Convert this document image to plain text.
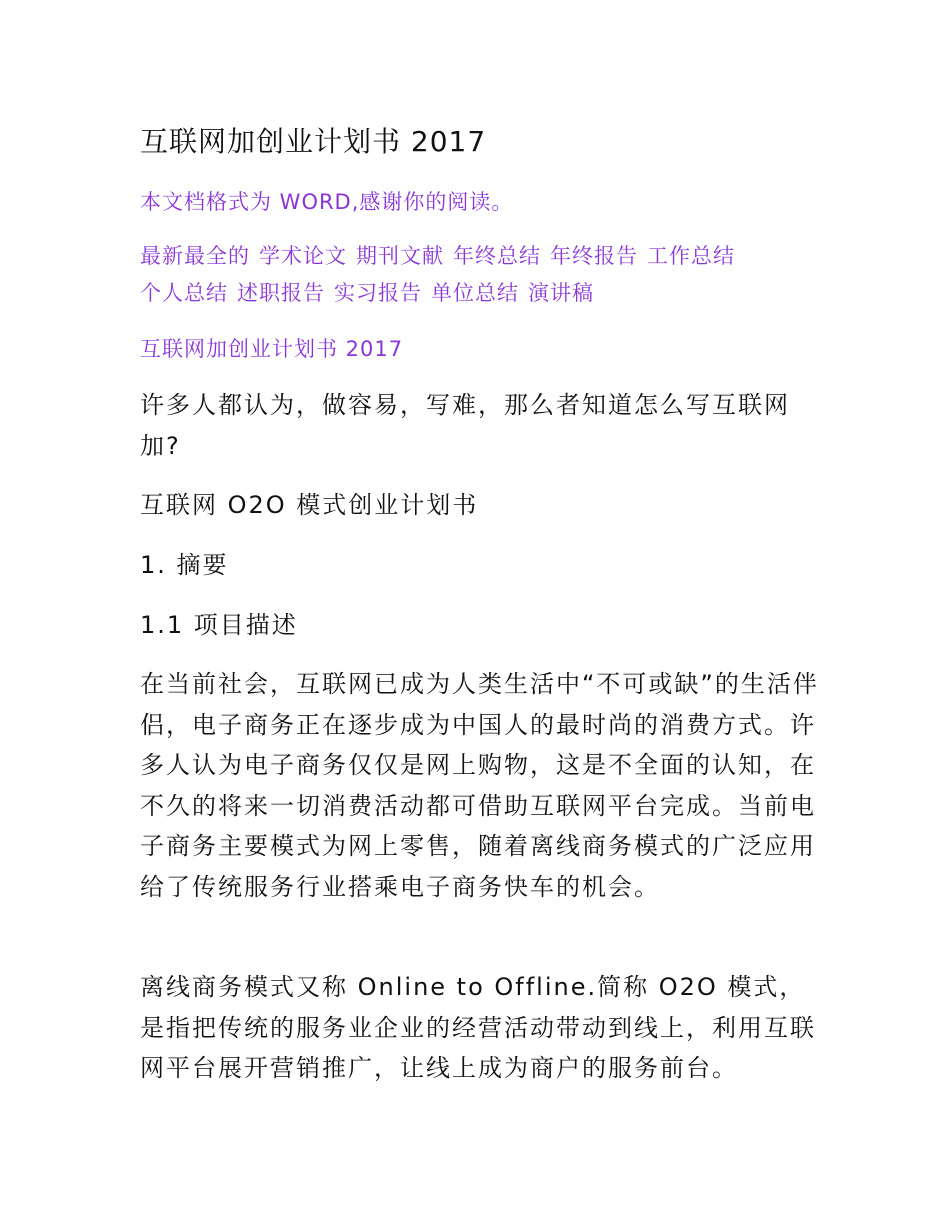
互联网加创业计划书 2017
本文档格式为 WORD,感谢你的阅读。
最新最全的 学术论文 期刊文献 年终总结 年终报告 工作总结
个人总结 述职报告 实习报告 单位总结 演讲稿
互联网加创业计划书 2017

许多人都认为，做容易，写难，那么者知道怎么写互联网加?

互联网 O2O 模式创业计划书
1. 摘要
1.1 项目描述

在当前社会，互联网已成为人类生活中“不可或缺”的生活伴侣，电子商务正在逐步成为中国人的最时尚的消费方式。许多人认为电子商务仅仅是网上购物，这是不全面的认知，在不久的将来一切消费活动都可借助互联网平台完成。当前电子商务主要模式为网上零售，随着离线商务模式的广泛应用给了传统服务行业搭乘电子商务快车的机会。

离线商务模式又称 Online to Offline.简称 O2O 模式，是指把传统的服务业企业的经营活动带动到线上，利用互联网平台展开营销推广，让线上成为商户的服务前台。
